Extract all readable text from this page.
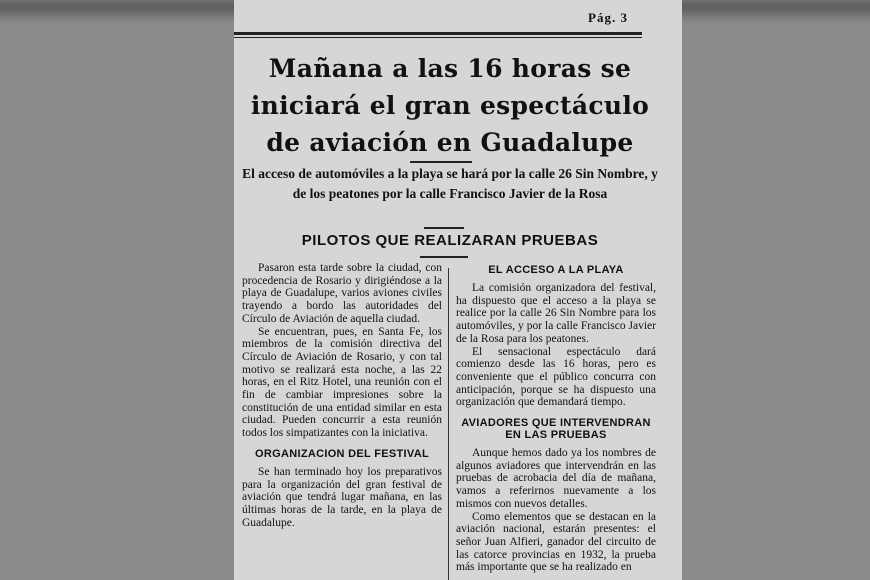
Pág. 3
Mañana a las 16 horas se iniciará el gran espectáculo de aviación en Guadalupe
El acceso de automóviles a la playa se hará por la calle 26 Sin Nombre, y de los peatones por la calle Francisco Javier de la Rosa
PILOTOS QUE REALIZARAN PRUEBAS

Pasaron esta tarde sobre la ciudad, con procedencia de Rosario y dirigiéndose a la playa de Guadalupe, varios aviones civiles trayendo a bordo las autoridades del Círculo de Aviación de aquella ciudad.

Se encuentran, pues, en Santa Fe, los miembros de la comisión directiva del Círculo de Aviación de Rosario, y con tal motivo se realizará esta noche, a las 22 horas, en el Ritz Hotel, una reunión con el fin de cambiar impresiones sobre la constitución de una entidad similar en esta ciudad. Pueden concurrir a esta reunión todos los simpatizantes con la iniciativa.

ORGANIZACION DEL FESTIVAL

Se han terminado hoy los preparativos para la organización del gran festival de aviación que tendrá lugar mañana, en las últimas horas de la tarde, en la playa de Guadalupe.

EL ACCESO A LA PLAYA

La comisión organizadora del festival, ha dispuesto que el acceso a la playa se realice por la calle 26 Sin Nombre para los automóviles, y por la calle Francisco Javier de la Rosa para los peatones.

El sensacional espectáculo dará comienzo desde las 16 horas, pero es conveniente que el público concurra con anticipación, porque se ha dispuesto una organización que demandará tiempo.

AVIADORES QUE INTERVENDRAN EN LAS PRUEBAS

Aunque hemos dado ya los nombres de algunos aviadores que intervendrán en las pruebas de acrobacia del día de mañana, vamos a referirnos nuevamente a los mismos con nuevos detalles.

Como elementos que se destacan en la aviación nacional, estarán presentes: el señor Juan Alfieri, ganador del circuito de las catorce provincias en 1932, la prueba más importante que se ha realizado en
